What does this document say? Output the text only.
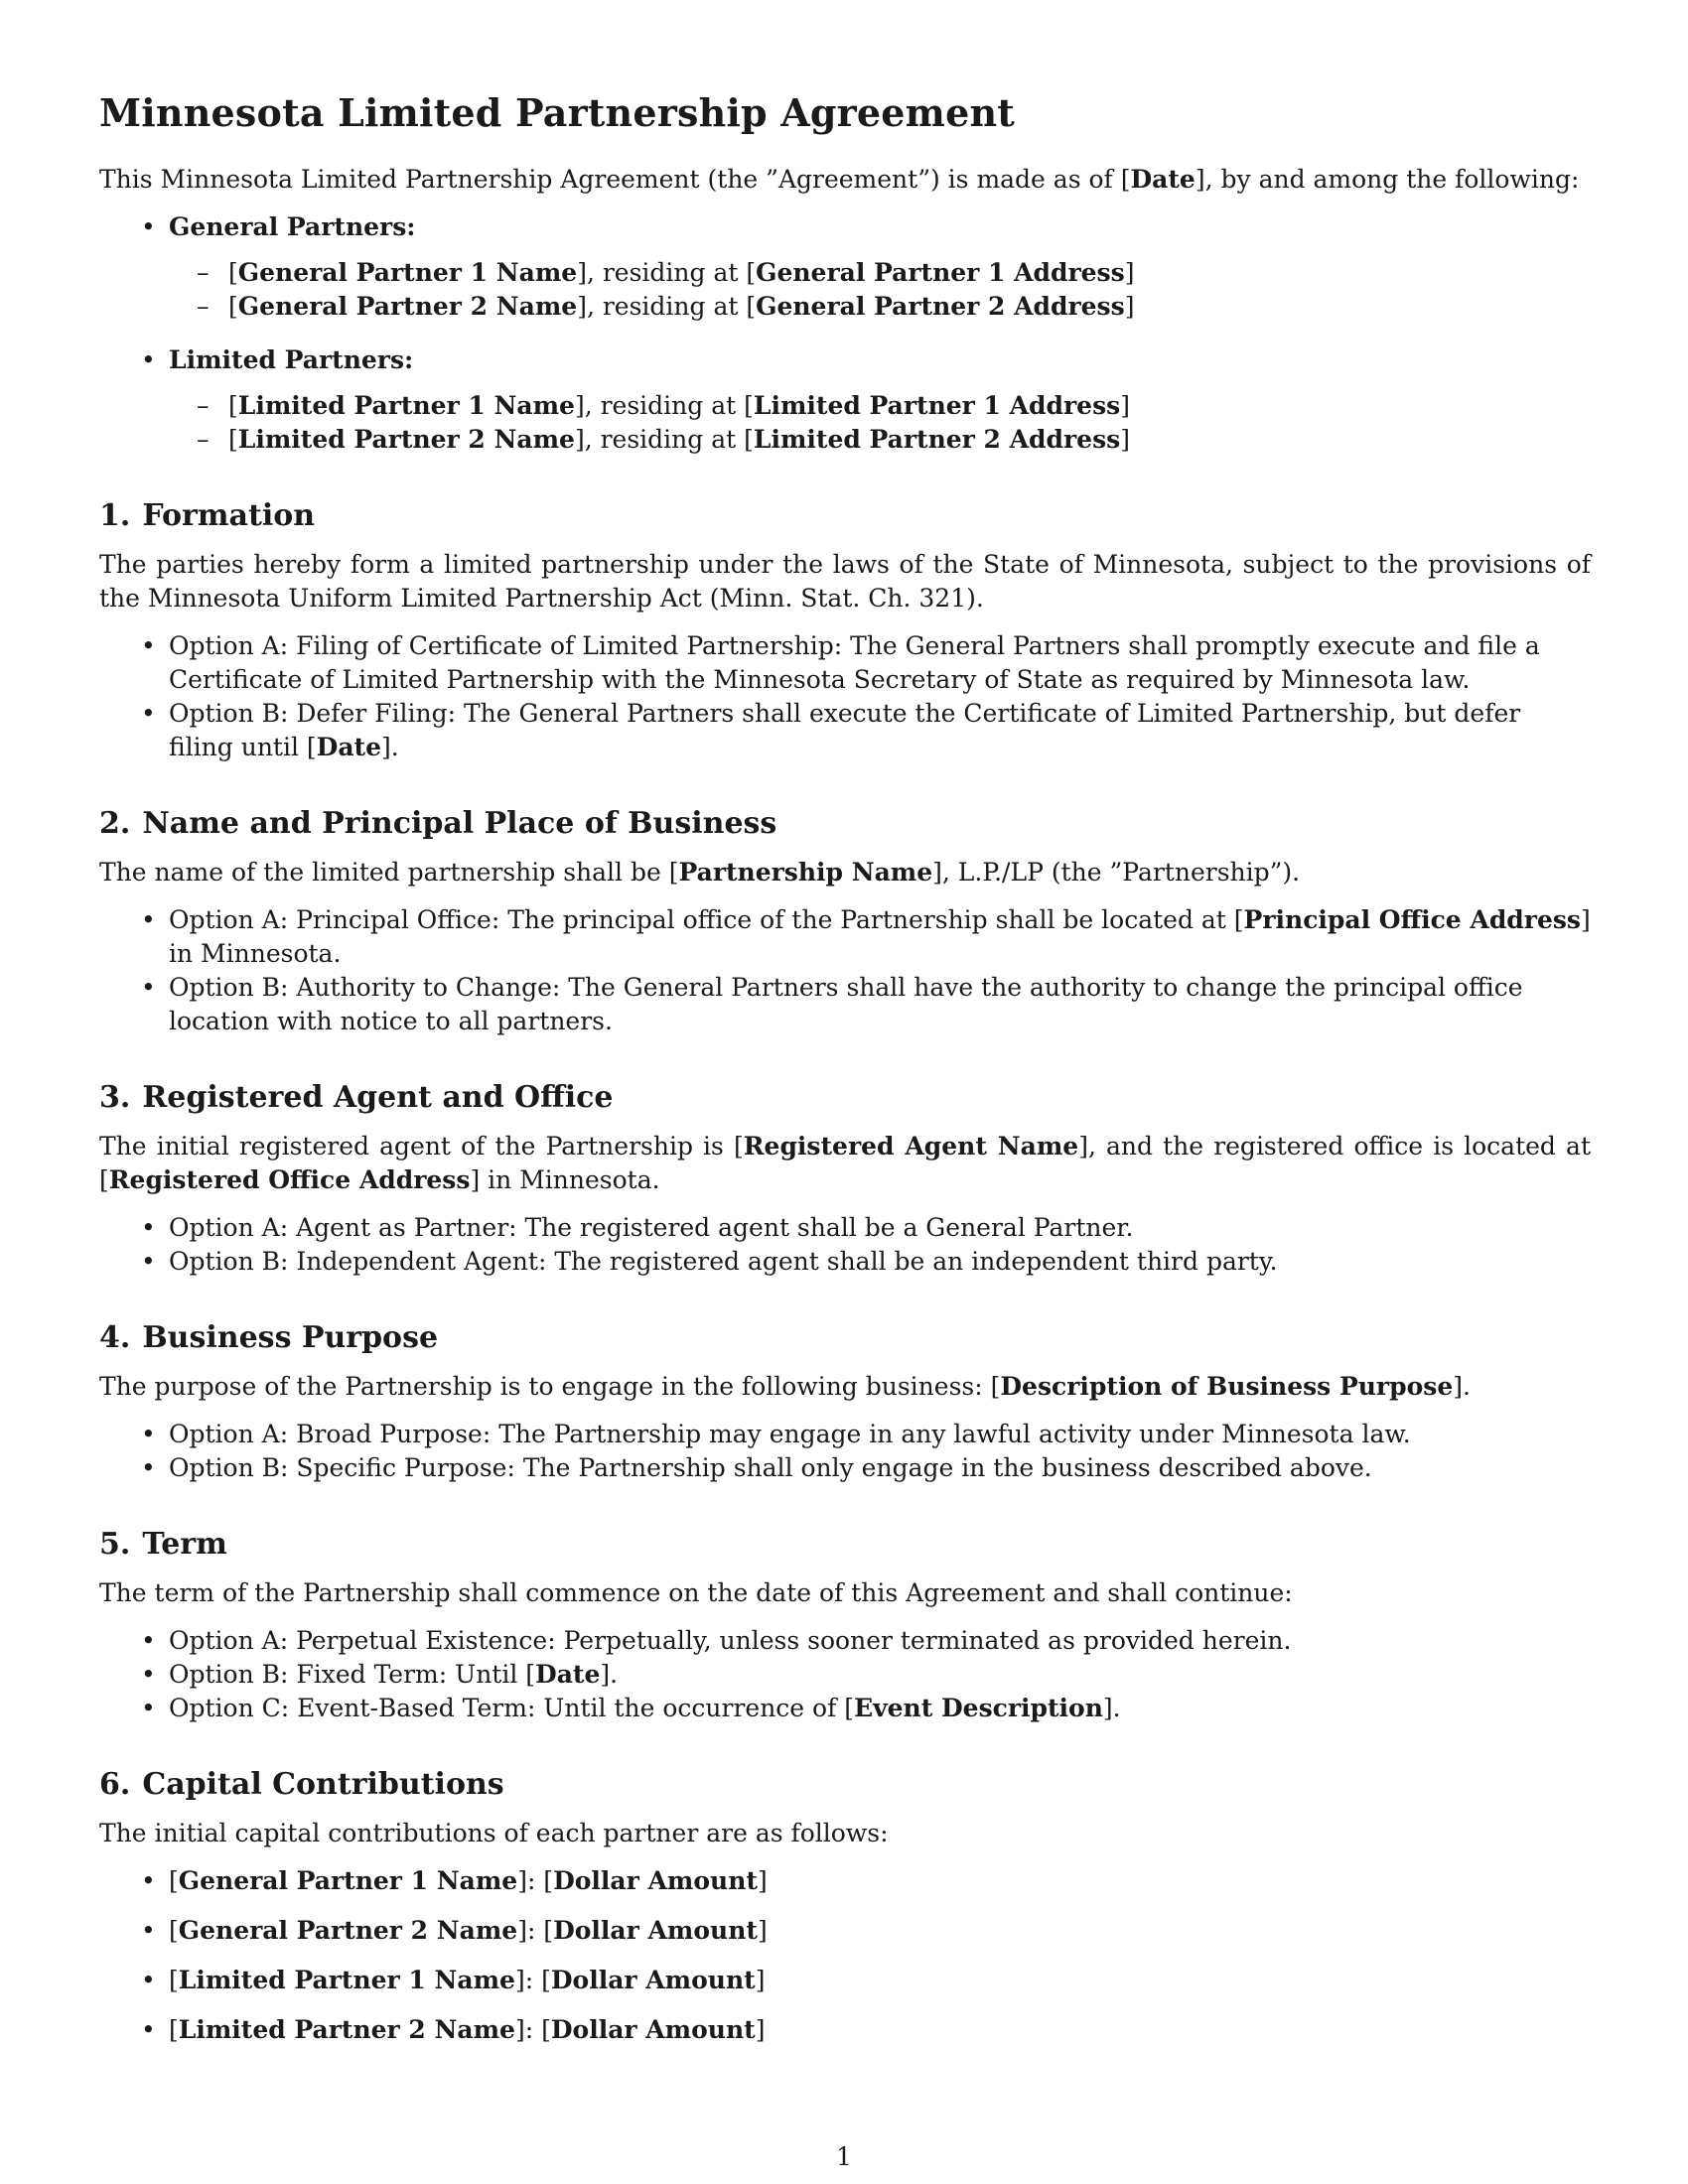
Minnesota Limited Partnership Agreement

This Minnesota Limited Partnership Agreement (the ”Agreement”) is made as of [Date], by and among the following:

• General Partners:
– [General Partner 1 Name], residing at [General Partner 1 Address]
– [General Partner 2 Name], residing at [General Partner 2 Address]
• Limited Partners:
– [Limited Partner 1 Name], residing at [Limited Partner 1 Address]
– [Limited Partner 2 Name], residing at [Limited Partner 2 Address]
1. Formation

The parties hereby form a limited partnership under the laws of the State of Minnesota, subject to the provisions of the Minnesota Uniform Limited Partnership Act (Minn. Stat. Ch. 321).

• Option A: Filing of Certificate of Limited Partnership: The General Partners shall promptly execute and file a Certificate of Limited Partnership with the Minnesota Secretary of State as required by Minnesota law.
• Option B: Defer Filing: The General Partners shall execute the Certificate of Limited Partnership, but defer filing until [Date].
2. Name and Principal Place of Business

The name of the limited partnership shall be [Partnership Name], L.P./LP (the ”Partnership”).

• Option A: Principal Office: The principal office of the Partnership shall be located at [Principal Office Address] in Minnesota.
• Option B: Authority to Change: The General Partners shall have the authority to change the principal office location with notice to all partners.
3. Registered Agent and Office

The initial registered agent of the Partnership is [Registered Agent Name], and the registered office is located at [Registered Office Address] in Minnesota.

• Option A: Agent as Partner: The registered agent shall be a General Partner.
• Option B: Independent Agent: The registered agent shall be an independent third party.
4. Business Purpose

The purpose of the Partnership is to engage in the following business: [Description of Business Purpose].

• Option A: Broad Purpose: The Partnership may engage in any lawful activity under Minnesota law.
• Option B: Specific Purpose: The Partnership shall only engage in the business described above.
5. Term

The term of the Partnership shall commence on the date of this Agreement and shall continue:

• Option A: Perpetual Existence: Perpetually, unless sooner terminated as provided herein.
• Option B: Fixed Term: Until [Date].
• Option C: Event-Based Term: Until the occurrence of [Event Description].
6. Capital Contributions

The initial capital contributions of each partner are as follows:

• [General Partner 1 Name]: [Dollar Amount]
• [General Partner 2 Name]: [Dollar Amount]
• [Limited Partner 1 Name]: [Dollar Amount]
• [Limited Partner 2 Name]: [Dollar Amount]
1
